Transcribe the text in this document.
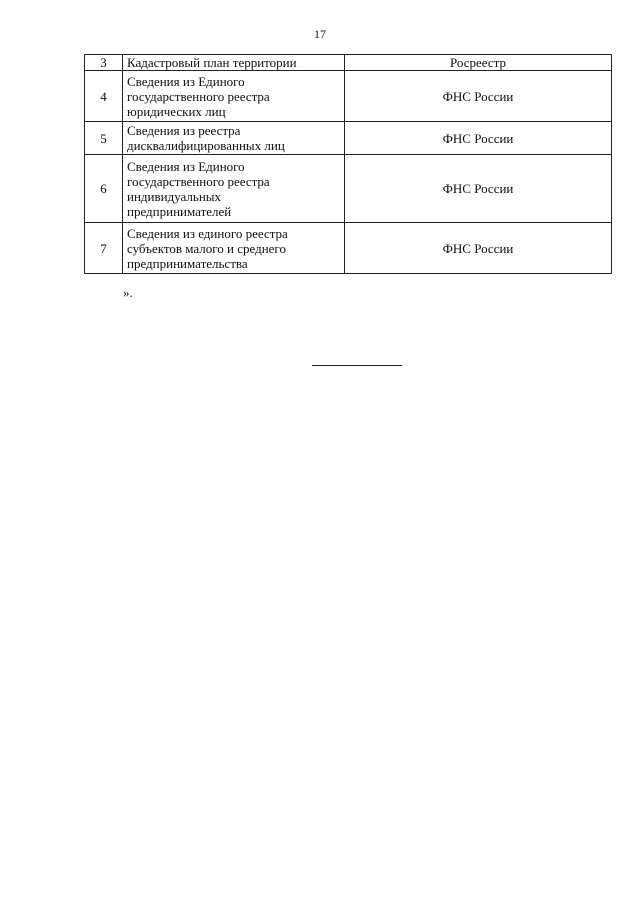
17
3	Кадастровый план территории	Росреестр
4	Сведения из Единого
государственного реестра
юридических лиц	ФНС России
5	Сведения из реестра
дисквалифицированных лиц	ФНС России
6	Сведения из Единого
государственного реестра
индивидуальных
предпринимателей	ФНС России
7	Сведения из единого реестра
субъектов малого и среднего
предпринимательства	ФНС России
».
